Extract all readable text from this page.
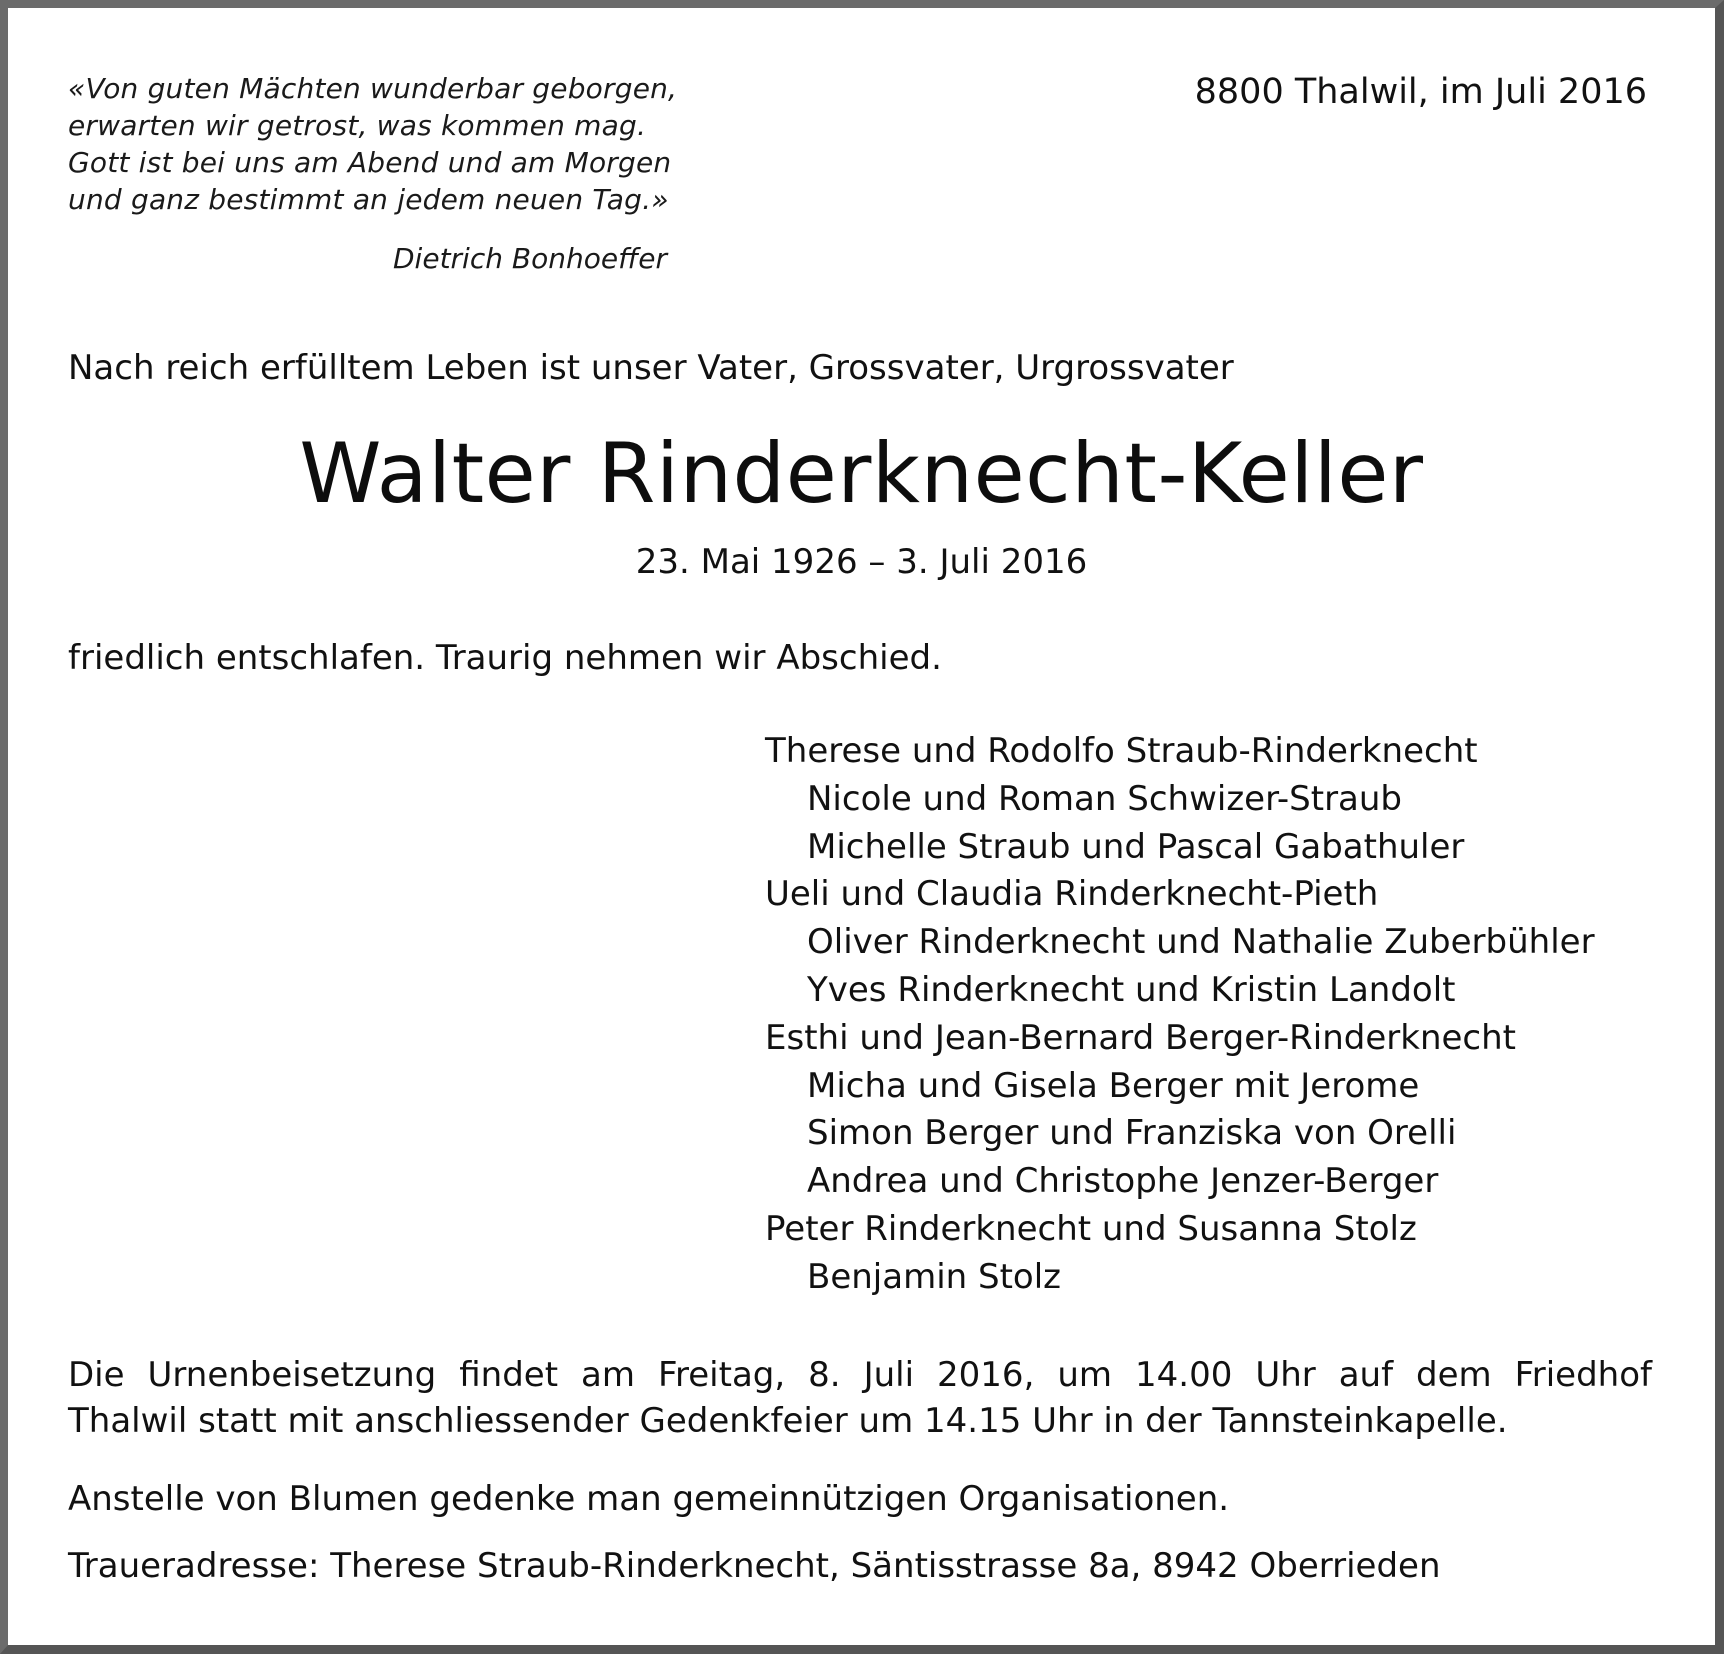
«Von guten Mächten wunderbar geborgen,
erwarten wir getrost, was kommen mag.
Gott ist bei uns am Abend und am Morgen
und ganz bestimmt an jedem neuen Tag.»
Dietrich Bonhoeffer
8800 Thalwil, im Juli 2016
Nach reich erfülltem Leben ist unser Vater, Grossvater, Urgrossvater
Walter Rinderknecht-Keller
23. Mai 1926 – 3. Juli 2016
friedlich entschlafen. Traurig nehmen wir Abschied.
Therese und Rodolfo Straub-Rinderknecht
Nicole und Roman Schwizer-Straub
Michelle Straub und Pascal Gabathuler
Ueli und Claudia Rinderknecht-Pieth
Oliver Rinderknecht und Nathalie Zuberbühler
Yves Rinderknecht und Kristin Landolt
Esthi und Jean-Bernard Berger-Rinderknecht
Micha und Gisela Berger mit Jerome
Simon Berger und Franziska von Orelli
Andrea und Christophe Jenzer-Berger
Peter Rinderknecht und Susanna Stolz
Benjamin Stolz
Die Urnenbeisetzung findet am Freitag, 8. Juli 2016, um 14.00 Uhr auf dem Friedhof
Thalwil statt mit anschliessender Gedenkfeier um 14.15 Uhr in der Tannsteinkapelle.
Anstelle von Blumen gedenke man gemeinnützigen Organisationen.
Traueradresse: Therese Straub-Rinderknecht, Säntisstrasse 8a, 8942 Oberrieden
